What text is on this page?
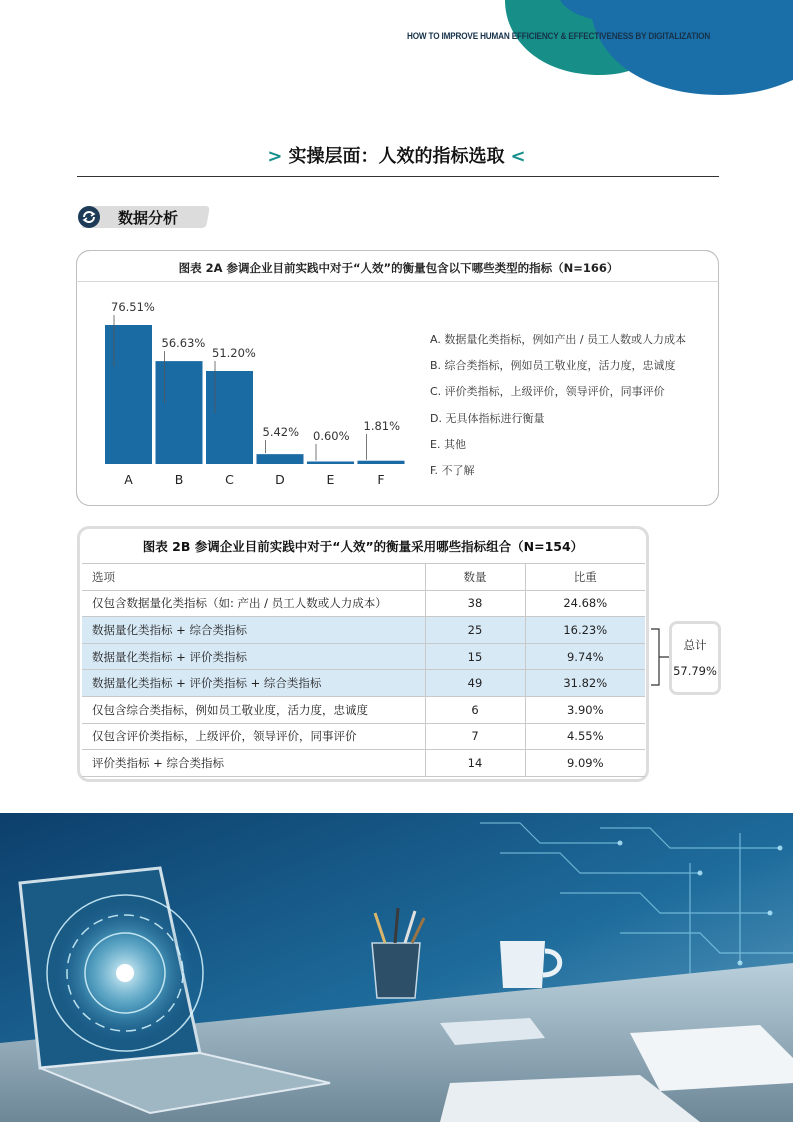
HOW TO IMPROVE HUMAN EFFICIENCY & EFFECTIVENESS BY DIGITALIZATION
> 实操层面：人效的指标选取 <
数据分析
图表 2A 参调企业目前实践中对于“人效”的衡量包含以下哪些类型的指标（N=166）
76.51%
A
56.63%
B
51.20%
C
5.42%
D
0.60%
E
1.81%
F
A. 数据量化类指标，例如产出 / 员工人数或人力成本
B. 综合类指标，例如员工敬业度，活力度，忠诚度
C. 评价类指标，上级评价，领导评价，同事评价
D. 无具体指标进行衡量
E. 其他
F. 不了解
图表 2B 参调企业目前实践中对于“人效”的衡量采用哪些指标组合（N=154）
选项	数量	比重
仅包含数据量化类指标（如: 产出 / 员工人数或人力成本）	38	24.68%
数据量化类指标 + 综合类指标	25	16.23%
数据量化类指标 + 评价类指标	15	9.74%
数据量化类指标 + 评价类指标 + 综合类指标	49	31.82%
仅包含综合类指标，例如员工敬业度，活力度，忠诚度	6	3.90%
仅包含评价类指标，上级评价，领导评价，同事评价	7	4.55%
评价类指标 + 综合类指标	14	9.09%
总计
57.79%
